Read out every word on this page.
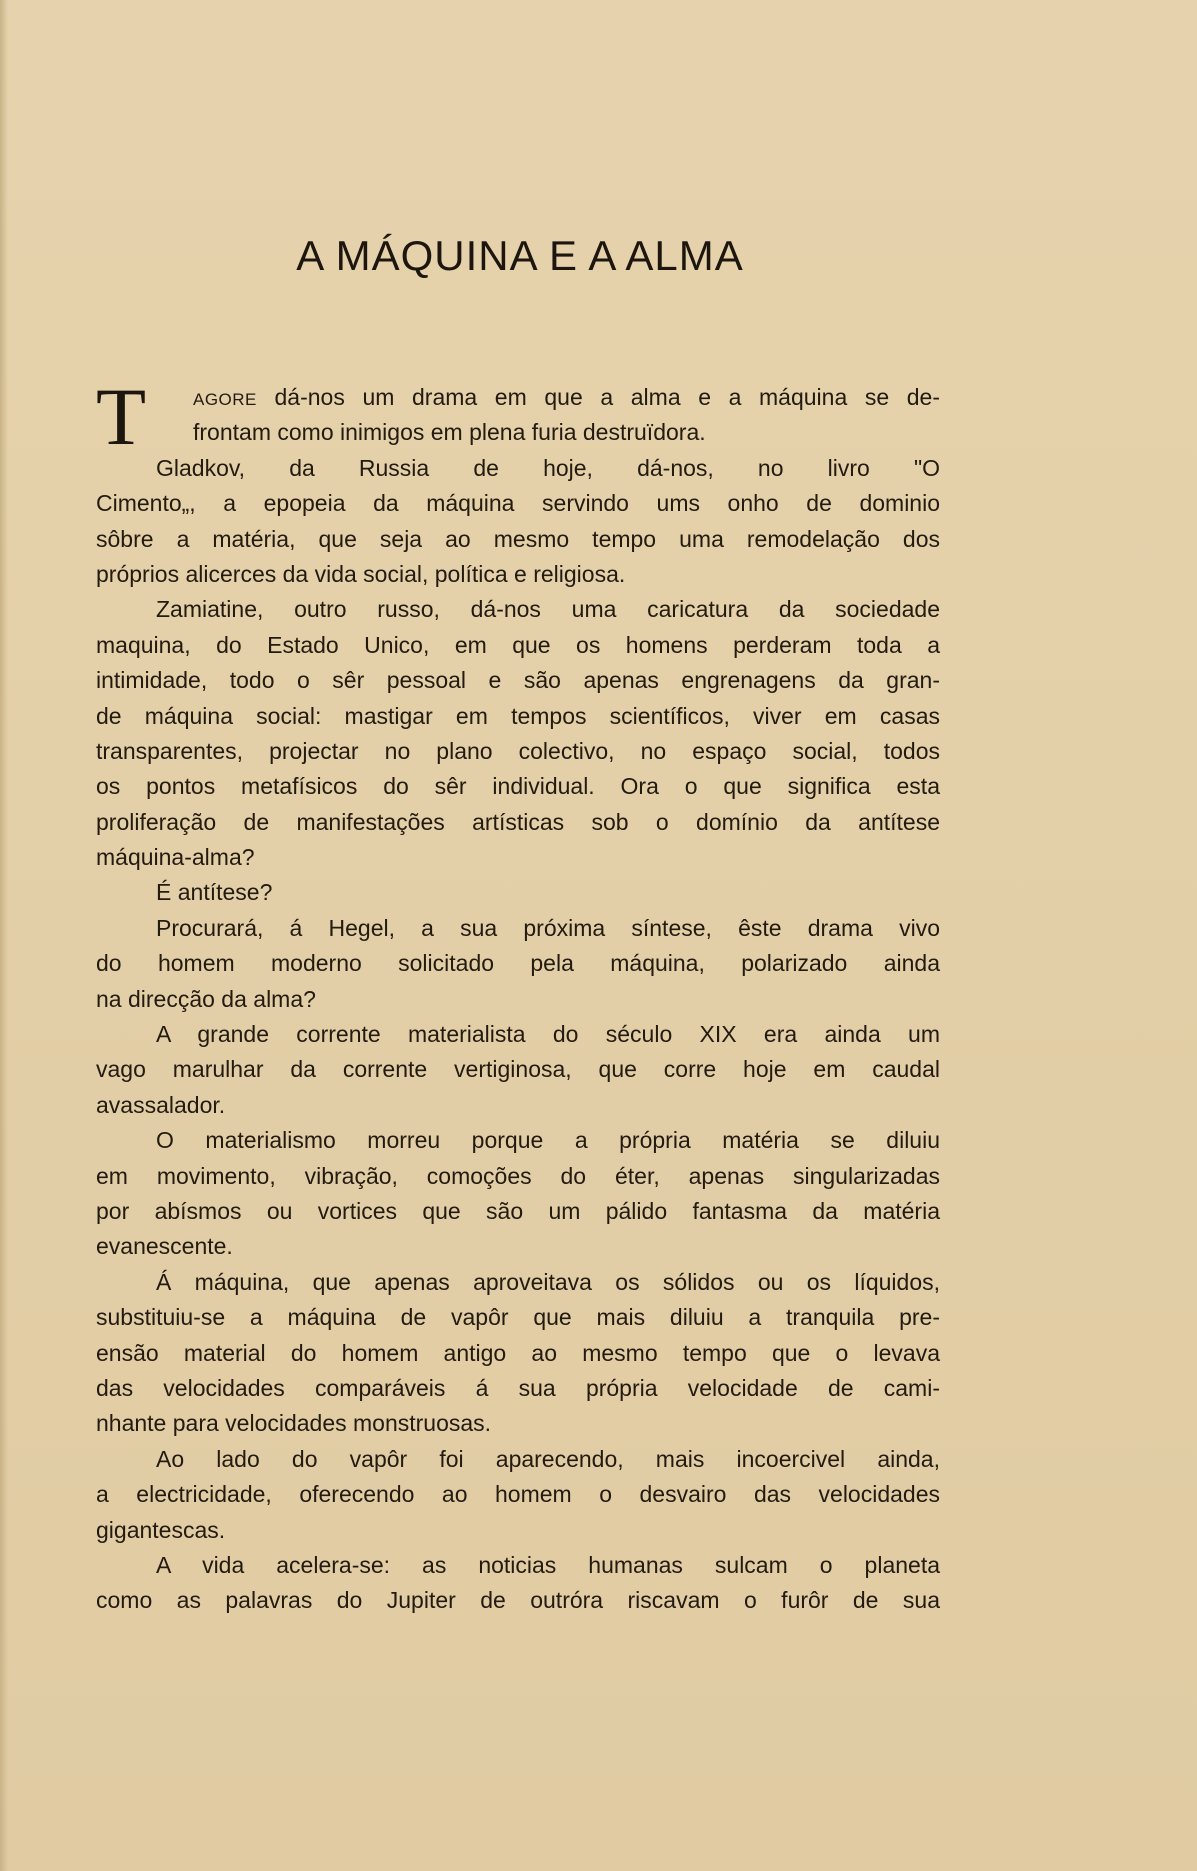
A MÁQUINA E A ALMA
T	AGORE dá-nos um drama em que a alma e a máquina se de-
frontam como inimigos em plena furia destruïdora.
Gladkov, da Russia de hoje, dá-nos, no livro "O
Cimento„, a epopeia da máquina servindo ums onho de dominio
sôbre a matéria, que seja ao mesmo tempo uma remodelação dos
próprios alicerces da vida social, política e religiosa.
Zamiatine, outro russo, dá-nos uma caricatura da sociedade
maquina, do Estado Unico, em que os homens perderam toda a
intimidade, todo o sêr pessoal e são apenas engrenagens da gran-
de máquina social: mastigar em tempos scientíficos, viver em casas
transparentes, projectar no plano colectivo, no espaço social, todos
os pontos metafísicos do sêr individual. Ora o que significa esta
proliferação de manifestações artísticas sob o domínio da antítese
máquina-alma?
É antítese?
Procurará, á Hegel, a sua próxima síntese, êste drama vivo
do homem moderno solicitado pela máquina, polarizado ainda
na direcção da alma?
A grande corrente materialista do século XIX era ainda um
vago marulhar da corrente vertiginosa, que corre hoje em caudal
avassalador.
O materialismo morreu porque a própria matéria se diluiu
em movimento, vibração, comoções do éter, apenas singularizadas
por abísmos ou vortices que são um pálido fantasma da matéria
evanescente.
Á máquina, que apenas aproveitava os sólidos ou os líquidos,
substituiu-se a máquina de vapôr que mais diluiu a tranquila pre-
ensão material do homem antigo ao mesmo tempo que o levava
das velocidades comparáveis á sua própria velocidade de cami-
nhante para velocidades monstruosas.
Ao lado do vapôr foi aparecendo, mais incoercivel ainda,
a electricidade, oferecendo ao homem o desvairo das velocidades
gigantescas.
A vida acelera-se: as noticias humanas sulcam o planeta
como as palavras do Jupiter de outróra riscavam o furôr de sua
